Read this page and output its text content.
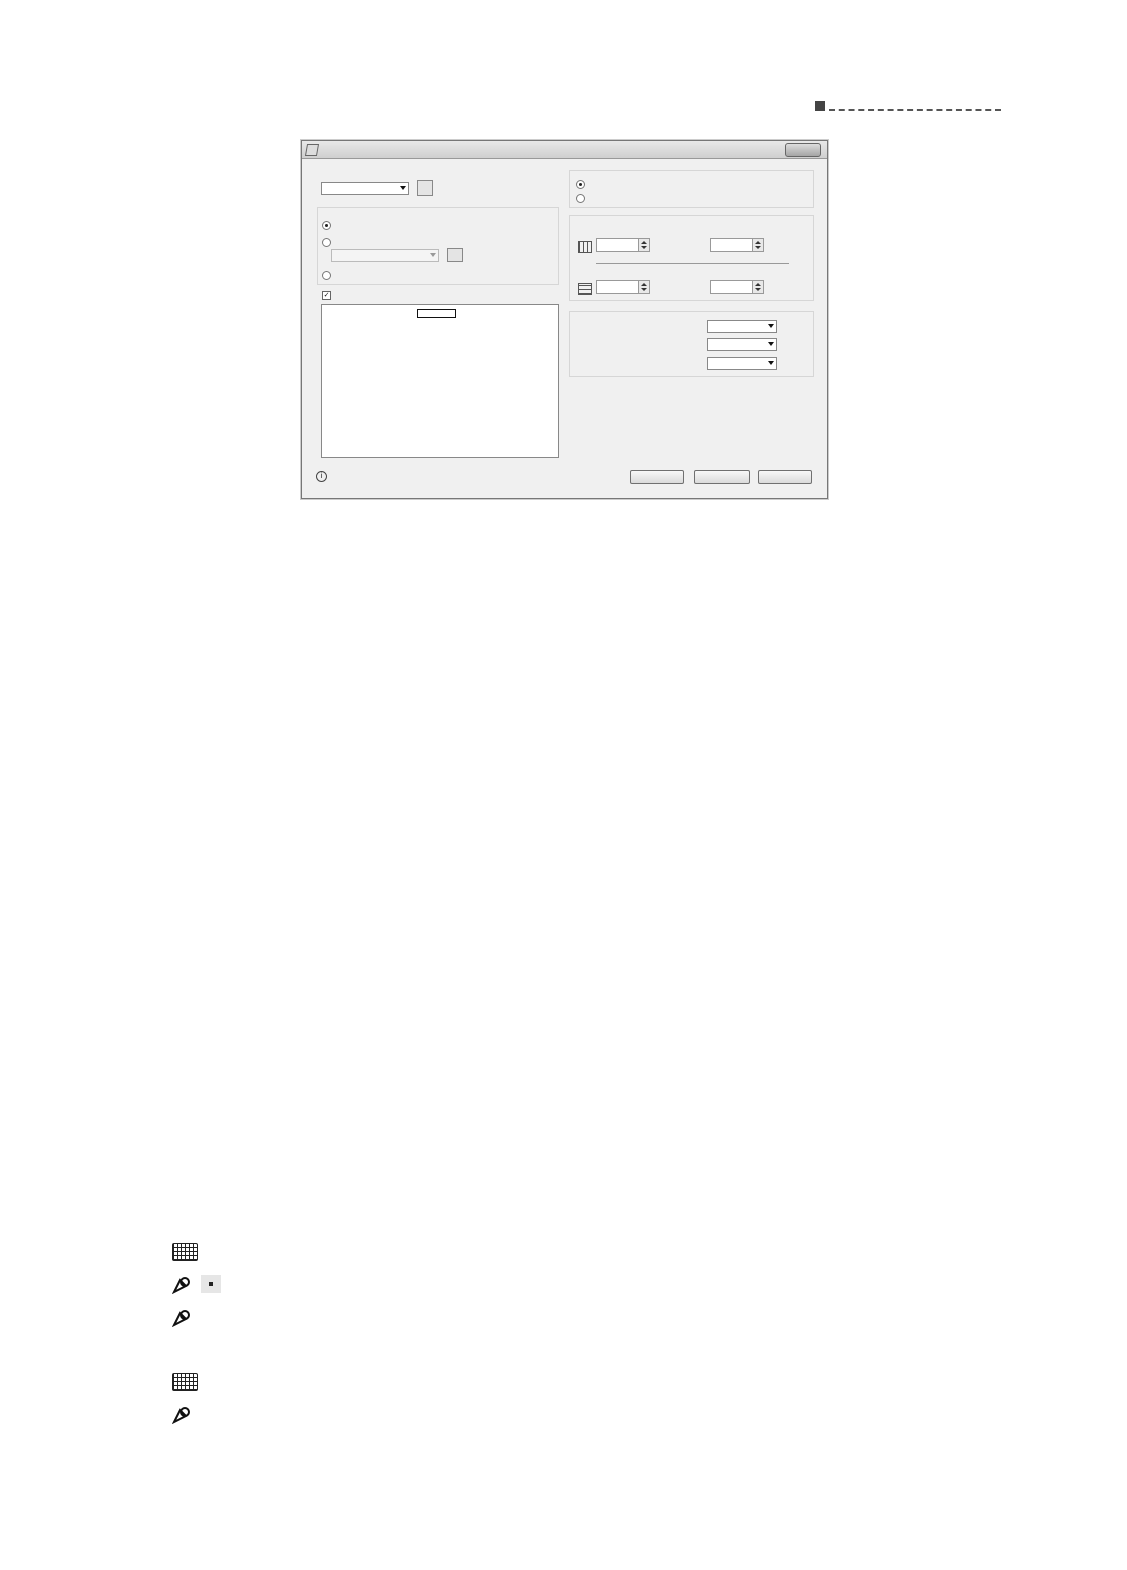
✓
i
